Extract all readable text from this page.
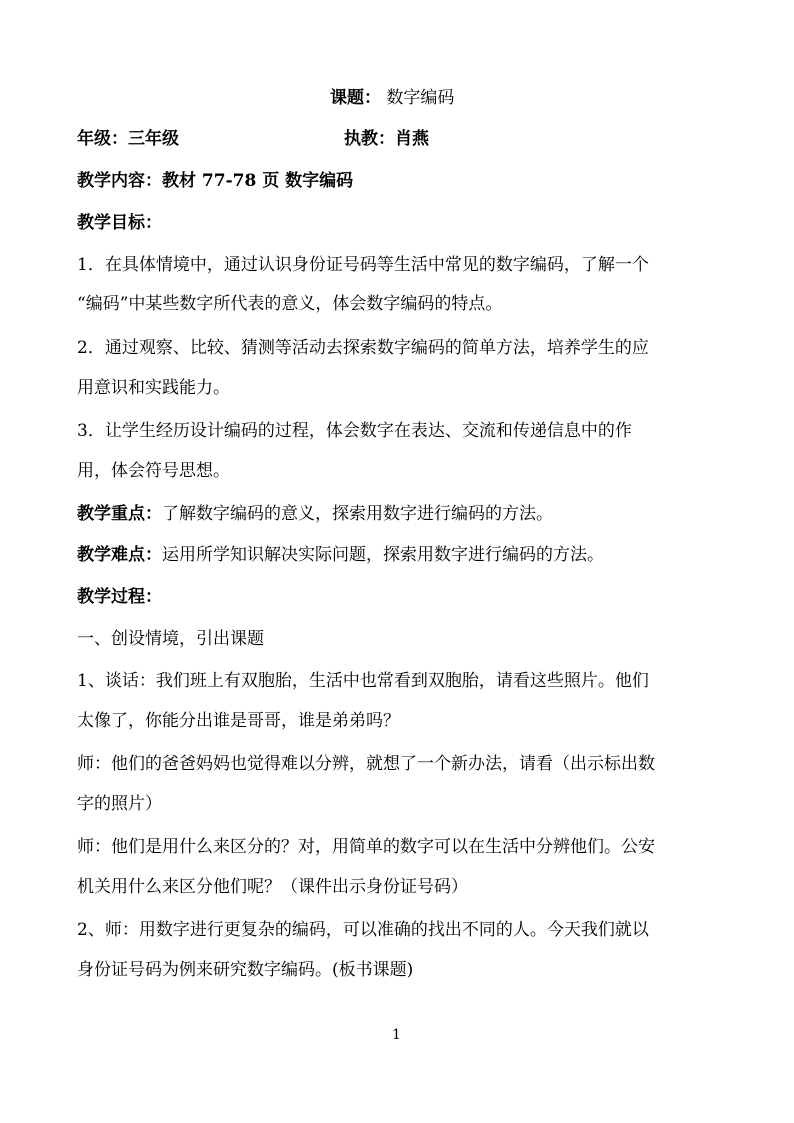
课题： 数字编码
年级：三年级	执教：肖燕
教学内容：教材 77-78 页 数字编码
教学目标：
1．在具体情境中，通过认识身份证号码等生活中常见的数字编码，了解一个
“编码”中某些数字所代表的意义，体会数字编码的特点。
2．通过观察、比较、猜测等活动去探索数字编码的简单方法，培养学生的应
用意识和实践能力。
3．让学生经历设计编码的过程，体会数字在表达、交流和传递信息中的作
用，体会符号思想。
教学重点：了解数字编码的意义，探索用数字进行编码的方法。
教学难点：运用所学知识解决实际问题，探索用数字进行编码的方法。
教学过程：
一、创设情境，引出课题
1、谈话：我们班上有双胞胎，生活中也常看到双胞胎，请看这些照片。他们
太像了，你能分出谁是哥哥，谁是弟弟吗？
师：他们的爸爸妈妈也觉得难以分辨，就想了一个新办法，请看（出示标出数
字的照片）
师：他们是用什么来区分的？对，用简单的数字可以在生活中分辨他们。公安
机关用什么来区分他们呢？（课件出示身份证号码）
2、师：用数字进行更复杂的编码，可以准确的找出不同的人。今天我们就以
身份证号码为例来研究数字编码。(板书课题)
1
